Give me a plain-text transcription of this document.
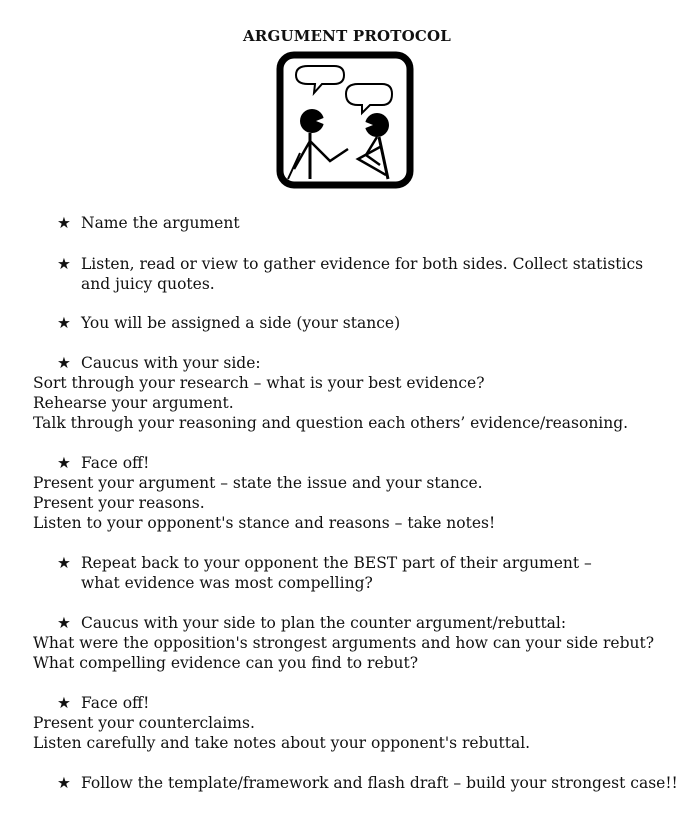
ARGUMENT PROTOCOL
★ Name the argument
★ Listen, read or view to gather evidence for both sides. Collect statistics and juicy quotes.
★ You will be assigned a side (your stance)
★ Caucus with your side:
Sort through your research – what is your best evidence?
Rehearse your argument.
Talk through your reasoning and question each others’ evidence/reasoning.
★ Face off!
Present your argument – state the issue and your stance.
Present your reasons.
Listen to your opponent's stance and reasons – take notes!
★ Repeat back to your opponent the BEST part of their argument – what evidence was most compelling?
★ Caucus with your side to plan the counter argument/rebuttal:
What were the opposition's strongest arguments and how can your side rebut?
What compelling evidence can you find to rebut?
★ Face off!
Present your counterclaims.
Listen carefully and take notes about your opponent's rebuttal.
★ Follow the template/framework and flash draft – build your strongest case!!
